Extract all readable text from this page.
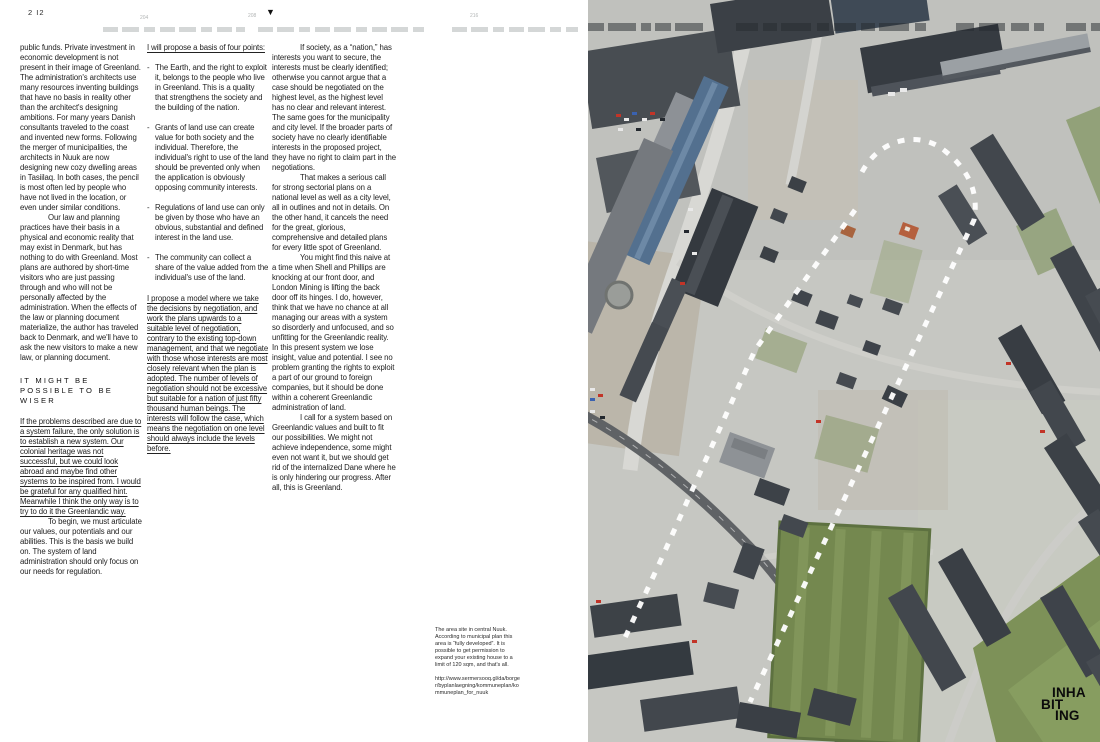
2 I2	▼
204	208	216

public funds. Private investment in economic development is not present in their image of Greenland. The administration's architects use many resources inventing buildings that have no basis in reality other than the architect's designing ambitions. For many years Danish consultants traveled to the coast and invented new forms. Following the merger of municipalities, the architects in Nuuk are now designing new cozy dwelling areas in Tasiilaq. In both cases, the pencil is most often led by people who have not lived in the location, or even under similar conditions.

Our law and planning practices have their basis in a physical and economic reality that may exist in Denmark, but has nothing to do with Greenland. Most plans are authored by short-time visitors who are just passing through and who will not be personally affected by the administration. When the effects of the law or planning document materialize, the author has traveled back to Denmark, and we'll have to ask the new visitors to make a new law, or planning document.

IT MIGHT BE POSSIBLE TO BE WISER

If the problems described are due to a system failure, the only solution is to establish a new system. Our colonial heritage was not successful, but we could look abroad and maybe find other systems to be inspired from. I would be grateful for any qualified hint. Meanwhile I think the only way is to try to do it the Greenlandic way.

To begin, we must articulate our values, our potentials and our abilities. This is the basis we build on. The system of land administration should only focus on our needs for regulation.

I will propose a basis of four points:

- The Earth, and the right to exploit it, belongs to the people who live in Greenland. This is a quality that strengthens the society and the building of the nation.
- Grants of land use can create value for both society and the individual. Therefore, the individual's right to use of the land should be prevented only when the application is obviously opposing community interests.
- Regulations of land use can only be given by those who have an obvious, substantial and defined interest in the land use.
- The community can collect a share of the value added from the individual's use of the land.

I propose a model where we take the decisions by negotiation, and work the plans upwards to a suitable level of negotiation, contrary to the existing top-down management, and that we negotiate with those whose interests are most closely relevant when the plan is adopted. The number of levels of negotiation should not be excessive but suitable for a nation of just fifty thousand human beings. The interests will follow the case, which means the negotiation on one level should always include the levels before.

If society, as a “nation,” has interests you want to secure, the interests must be clearly identified; otherwise you cannot argue that a case should be negotiated on the highest level, as the highest level has no clear and relevant interest. The same goes for the municipality and city level. If the broader parts of society have no clearly identifiable interests in the proposed project, they have no right to claim part in the negotiations.

That makes a serious call for strong sectorial plans on a national level as well as a city level, all in outlines and not in details. On the other hand, it cancels the need for the great, glorious, comprehensive and detailed plans for every little spot of Greenland.

You might find this naive at a time when Shell and Phillips are knocking at our front door, and London Mining is lifting the back door off its hinges. I do, however, think that we have no chance at all managing our areas with a system so disorderly and unfocused, and so unfitting for the Greenlandic reality. In this present system we lose insight, value and potential. I see no problem granting the rights to exploit a part of our ground to foreign companies, but it should be done within a coherent Greenlandic administration of land.

I call for a system based on Greenlandic values and built to fit our possibilities. We might not achieve independence, some might even not want it, but we should get rid of the internalized Dane where he is only hindering our progress. After all, this is Greenland.

The area site in central Nuuk. According to municipal plan this area is “fully developed”. It is possible to get permission to expand your existing house to a limit of 120 sqm, and that's all.
http://www.sermersooq.gl/da/borger/byplanlaegning/kommuneplan/kommuneplan_for_nuuk	INHA
BIT
ING
